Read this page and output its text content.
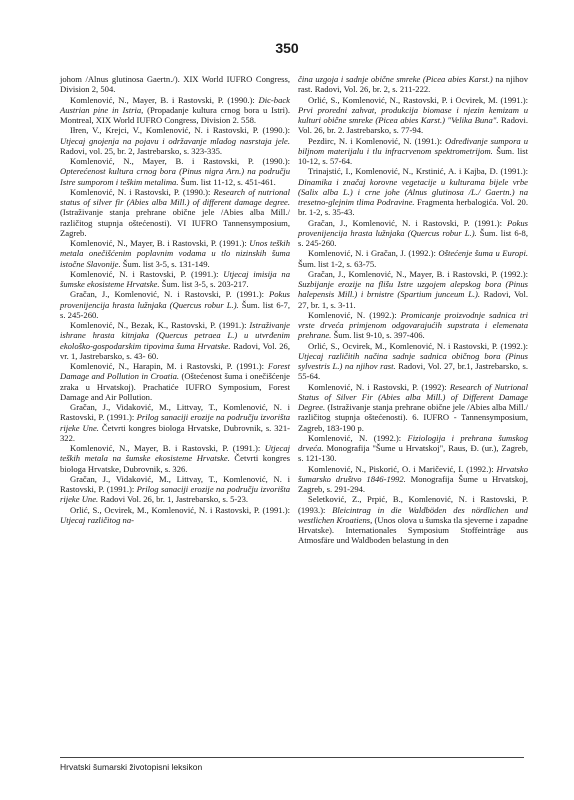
350
johom /Alnus glutinosa Gaertn./). XIX World IUFRO Congress, Division 2, 504.
Komlenović, N., Mayer, B. i Rastovski, P. (1990.): Dic-back Austrian pine in Istria, (Propadanje kultura crnog bora u Istri). Montreal, XIX World IUFRO Congress, Division 2. 558.
Iłren, V., Krejci, V., Komlenović, N. i Rastovski, P. (1990.): Utjecaj gnojenja na pojavu i održavanje mladog nasrstaja jele. Radovi, vol. 25, br. 2, Jastrebarsko, s. 323-335.
Komlenović, N., Mayer, B. i Rastovski, P. (1990.): Opterećenost kultura crnog bora (Pinus nigra Arn.) na području Istre sumporom i teškim metalima. Šum. list 11-12, s. 451-461.
Komlenović, N. i Rastovski, P. (1990.): Research of nutrional status of silver fir (Abies alba Mill.) of different damage degree. (Istraživanje stanja prehrane obične jele /Abies alba Mill./ različitog stupnja oštećenosti). VI IUFRO Tannensymposium, Zagreb.
Komlenović, N., Mayer, B. i Rastovski, P. (1991.): Unos teških metala onečišćenim poplavnim vodama u tlo nizinskih šuma istočne Slavonije. Šum. list 3-5, s. 131-149.
Komlenović, N. i Rastovski, P. (1991.): Utjecaj imisija na šumske ekosisteme Hrvatske. Šum. list 3-5, s. 203-217.
Gračan, J., Komlenović, N. i Rastovski, P. (1991.): Pokus provenijencija hrasta lužnjaka (Quercus robur L.). Šum. list 6-7, s. 245-260.
Komlenović, N., Bezak, K., Rastovski, P. (1991.): Istraživanje ishrane hrasta kitnjaka (Quercus petraea L.) u utvrđenim ekološko-gospodarskim tipovima šuma Hrvatske. Radovi, Vol. 26, vr. 1, Jastrebarsko, s. 43- 60.
Komlenović, N., Harapin, M. i Rastovski, P. (1991.): Forest Damage and Pollution in Croatia. (Oštećenost šuma i onečišćenje zraka u Hrvatskoj). Prachatiće IUFRO Symposium, Forest Damage and Air Pollution.
Gračan, J., Vidaković, M., Littvay, T., Komlenović, N. i Rastovski, P. (1991.): Prilog sanaciji erozije na području izvorišta rijeke Une. Četvrti kongres biologa Hrvatske, Dubrovnik, s. 321-322.
Komlenović, N., Mayer, B. i Rastovski, P. (1991.): Utjecaj teških metala na šumske ekosisteme Hrvatske. Četvrti kongres biologa Hrvatske, Dubrovnik, s. 326.
Gračan, J., Vidaković, M., Littvay, T., Komlenović, N. i Rastovski, P. (1991.): Prilog sanaciji erozije na području izvorišta rijeke Une. Radovi Vol. 26, br. 1, Jastrebarsko, s. 5-23.
Orlić, S., Ocvirek, M., Komlenović, N. i Rastovski, P. (1991.): Utjecaj različitog na-
čina uzgoja i sadnje obične smreke (Picea abies Karst.) na njihov rast. Radovi, Vol. 26, br. 2, s. 211-222.
Orlić, S., Komlenović, N., Rastovski, P. i Ocvirek, M. (1991.): Prvi proredni zahvat, produkcija biomase i njezin kemizam u kulturi obične smreke (Picea abies Karst.) "Velika Buna". Radovi. Vol. 26, br. 2. Jastrebarsko, s. 77-94.
Pezdirc, N. i Komlenović, N. (1991.): Određivanje sumpora u biljnom materijalu i tlu infracrvenom spektrometrijom. Šum. list 10-12, s. 57-64.
Trinajstić, I., Komlenović, N., Krstinić, A. i Kajba, D. (1991.): Dinamika i značaj korovne vegetacije u kulturama bijele vrbe (Salix alba L.) i crne johe (Alnus glutinosa /L./ Gaertn.) na tresetno-glejnim tlima Podravine. Fragmenta herbalogića. Vol. 20. br. 1-2, s. 35-43.
Gračan, J., Komlenović, N. i Rastovski, P. (1991.): Pokus provenijencija hrasta lužnjaka (Quercus robur L.). Šum. list 6-8, s. 245-260.
Komlenović, N. i Gračan, J. (1992.): Oštećenje šuma u Europi. Šum. list 1-2, s. 63-75.
Gračan, J., Komlenović, N., Mayer, B. i Rastovski, P. (1992.): Suzbijanje erozije na flišu Istre uzgojem alepskog bora (Pinus halepensis Mill.) i brnistre (Spartium junceum L.). Radovi, Vol. 27, br. 1, s. 3-11.
Komlenović, N. (1992.): Promicanje proizvodnje sadnica tri vrste drveća primjenom odgovarajućih supstrata i elemenata prehrane. Šum. list 9-10, s. 397-406.
Orlić, S., Ocvirek, M., Komlenović, N. i Rastovski, P. (1992.): Utjecaj različitih načina sadnje sadnica običnog bora (Pinus sylvestris L.) na njihov rast. Radovi, Vol. 27, br.1, Jastrebarsko, s. 55-64.
Komlenović, N. i Rastovski, P. (1992): Research of Nutrional Status of Silver Fir (Abies alba Mill.) of Different Damage Degree. (Istraživanje stanja prehrane obične jele /Abies alba Mill./ različitog stupnja oštećenosti). 6. IUFRO - Tannensymposium, Zagreb, 183-190 p.
Komlenović, N. (1992.): Fiziologija i prehrana šumskog drveća. Monografija "Šume u Hrvatskoj", Raus, Đ. (ur.), Zagreb, s. 121-130.
Komlenović, N., Piskorić, O. i Maričević, I. (1992.): Hrvatsko šumarsko društvo 1846-1992. Monografija Šume u Hrvatskoj, Zagreb, s. 291-294.
Seletković, Z., Prpić, B., Komlenović, N. i Rastovski, P. (1993.): Bleicintrag in die Waldböden des nördlichen und westlichen Kroatiens, (Unos olova u šumska tla sjeverne i zapadne Hrvatske). Internationales Symposium Stoffeinträge aus Atmosfäre und Waldboden belastung in den
Hrvatski šumarski životopisni leksikon
